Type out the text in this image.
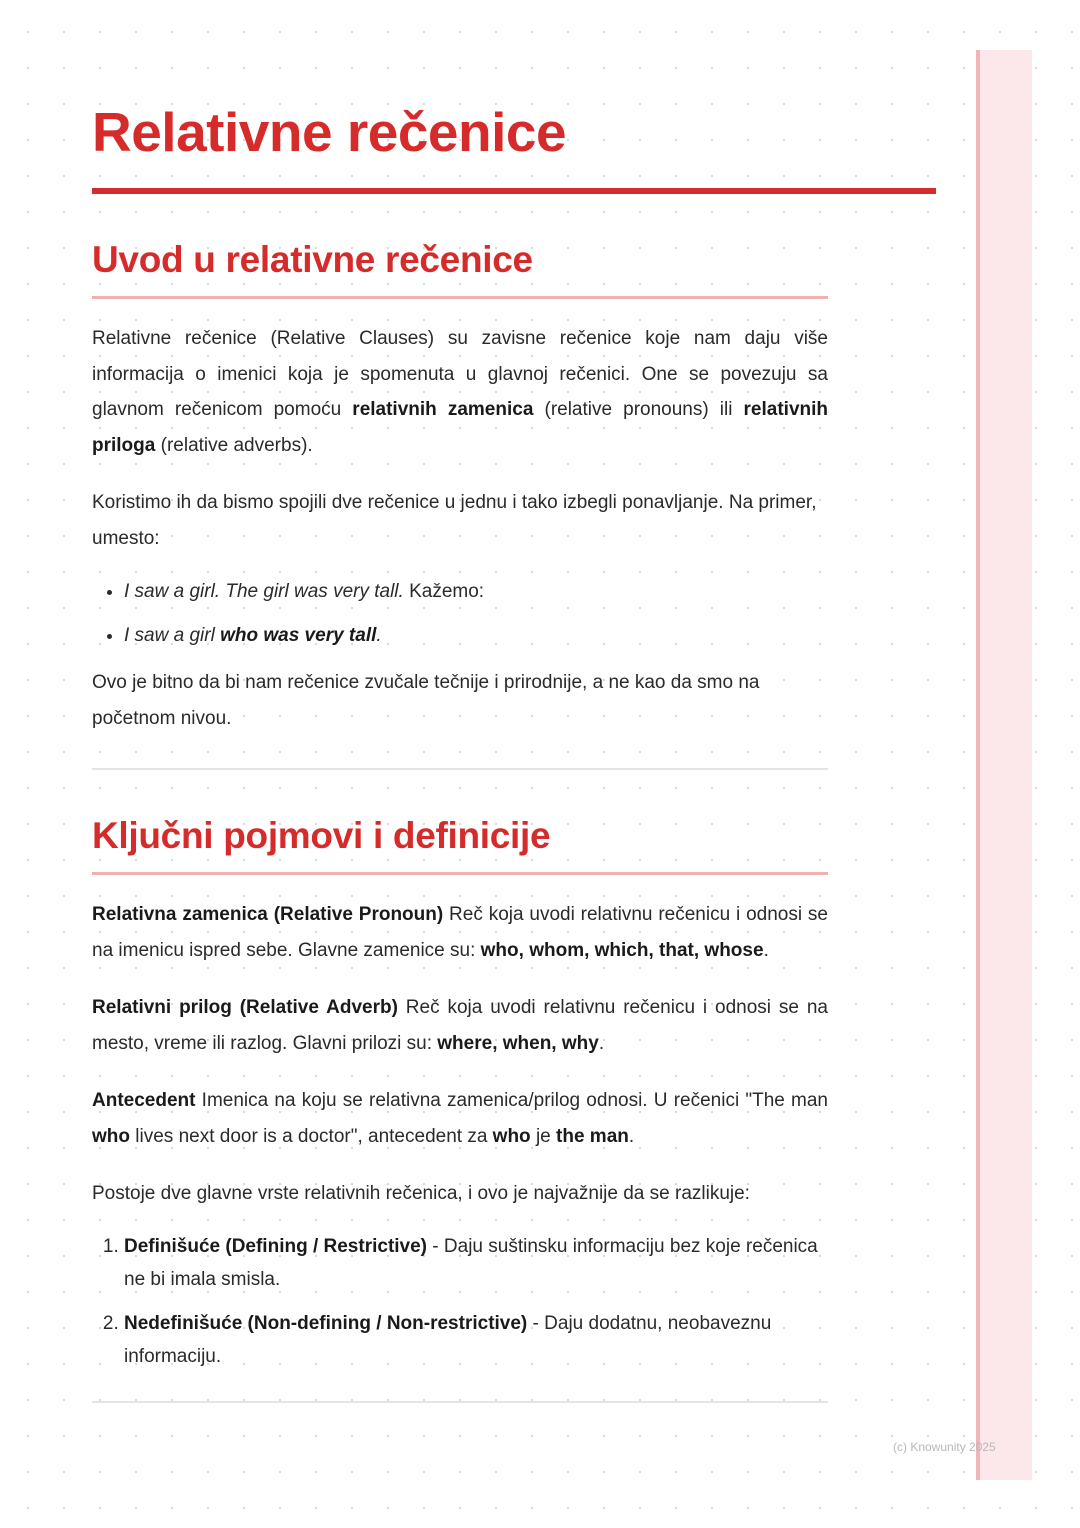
Relativne rečenice
Uvod u relativne rečenice

Relativne rečenice (Relative Clauses) su zavisne rečenice koje nam daju više informacija o imenici koja je spomenuta u glavnoj rečenici. One se povezuju sa glavnom rečenicom pomoću relativnih zamenica (relative pronouns) ili relativnih priloga (relative adverbs).

Koristimo ih da bismo spojili dve rečenice u jednu i tako izbegli ponavljanje. Na primer, umesto:

• I saw a girl. The girl was very tall. Kažemo:
• I saw a girl who was very tall.

Ovo je bitno da bi nam rečenice zvučale tečnije i prirodnije, a ne kao da smo na početnom nivou.

Ključni pojmovi i definicije

Relativna zamenica (Relative Pronoun) Reč koja uvodi relativnu rečenicu i odnosi se na imenicu ispred sebe. Glavne zamenice su: who, whom, which, that, whose.

Relativni prilog (Relative Adverb) Reč koja uvodi relativnu rečenicu i odnosi se na mesto, vreme ili razlog. Glavni prilozi su: where, when, why.

Antecedent Imenica na koju se relativna zamenica/prilog odnosi. U rečenici "The man who lives next door is a doctor", antecedent za who je the man.

Postoje dve glavne vrste relativnih rečenica, i ovo je najvažnije da se razlikuje:

1. Definišuće (Defining / Restrictive) - Daju suštinsku informaciju bez koje rečenica ne bi imala smisla.
2. Nedefinišuće (Non-defining / Non-restrictive) - Daju dodatnu, neobaveznu informaciju.
(c) Knowunity 2025
